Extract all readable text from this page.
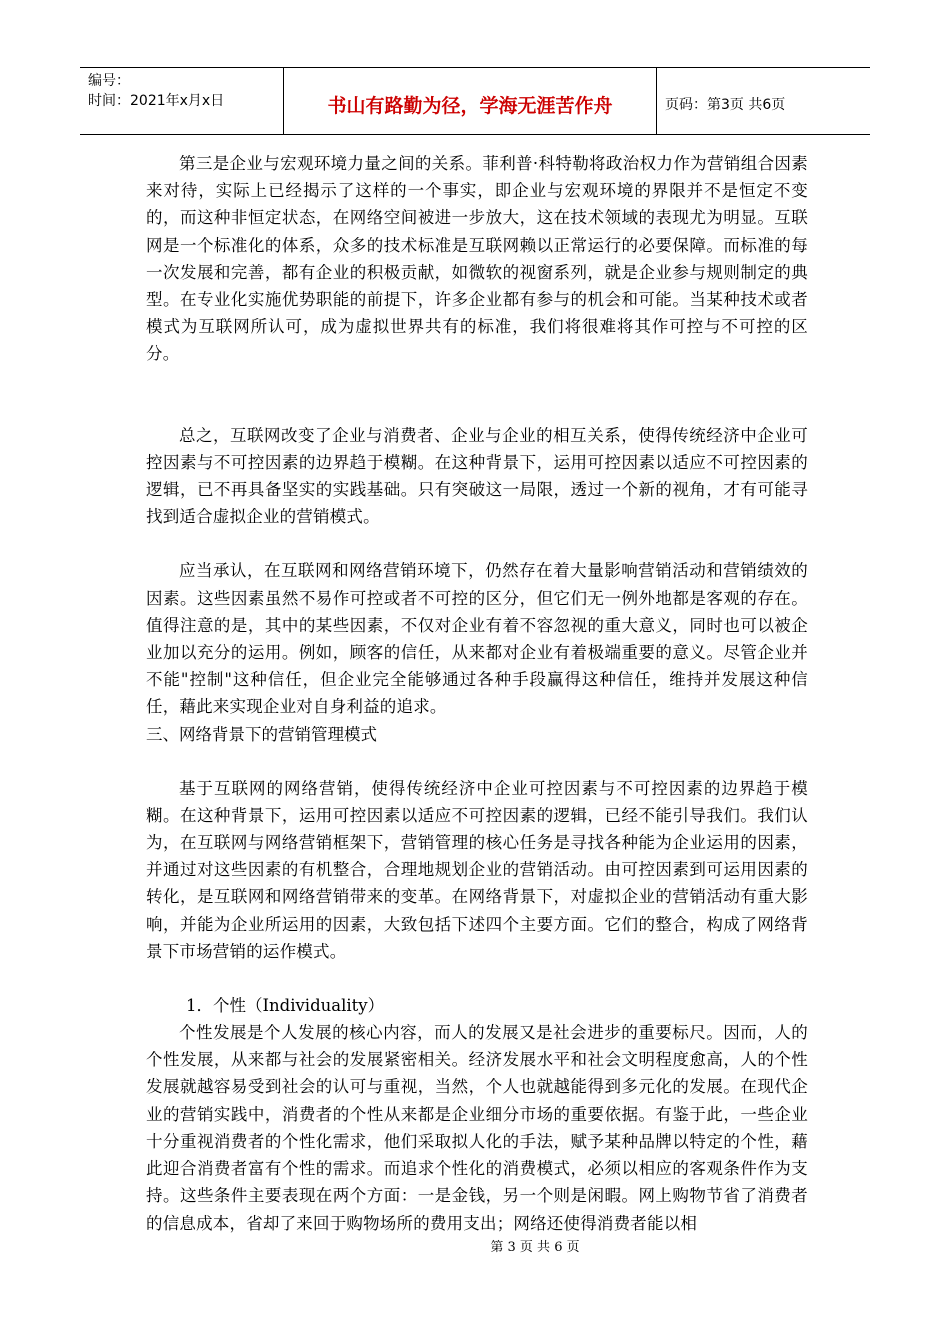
编号：
时间：2021年x月x日	书山有路勤为径，学海无涯苦作舟	页码：第3页 共6页

第三是企业与宏观环境力量之间的关系。菲利普·科特勒将政治权力作为营销组合因素来对待，实际上已经揭示了这样的一个事实，即企业与宏观环境的界限并不是恒定不变的，而这种非恒定状态，在网络空间被进一步放大，这在技术领域的表现尤为明显。互联网是一个标准化的体系，众多的技术标准是互联网赖以正常运行的必要保障。而标准的每一次发展和完善，都有企业的积极贡献，如微软的视窗系列，就是企业参与规则制定的典型。在专业化实施优势职能的前提下，许多企业都有参与的机会和可能。当某种技术或者模式为互联网所认可，成为虚拟世界共有的标准，我们将很难将其作可控与不可控的区分。

总之，互联网改变了企业与消费者、企业与企业的相互关系，使得传统经济中企业可控因素与不可控因素的边界趋于模糊。在这种背景下，运用可控因素以适应不可控因素的逻辑，已不再具备坚实的实践基础。只有突破这一局限，透过一个新的视角，才有可能寻找到适合虚拟企业的营销模式。

应当承认，在互联网和网络营销环境下，仍然存在着大量影响营销活动和营销绩效的因素。这些因素虽然不易作可控或者不可控的区分，但它们无一例外地都是客观的存在。值得注意的是，其中的某些因素，不仅对企业有着不容忽视的重大意义，同时也可以被企业加以充分的运用。例如，顾客的信任，从来都对企业有着极端重要的意义。尽管企业并不能"控制"这种信任，但企业完全能够通过各种手段赢得这种信任，维持并发展这种信任，藉此来实现企业对自身利益的追求。

三、网络背景下的营销管理模式

基于互联网的网络营销，使得传统经济中企业可控因素与不可控因素的边界趋于模糊。在这种背景下，运用可控因素以适应不可控因素的逻辑，已经不能引导我们。我们认为，在互联网与网络营销框架下，营销管理的核心任务是寻找各种能为企业运用的因素，并通过对这些因素的有机整合，合理地规划企业的营销活动。由可控因素到可运用因素的转化，是互联网和网络营销带来的变革。在网络背景下，对虚拟企业的营销活动有重大影响，并能为企业所运用的因素，大致包括下述四个主要方面。它们的整合，构成了网络背景下市场营销的运作模式。

1．个性（Individuality）

个性发展是个人发展的核心内容，而人的发展又是社会进步的重要标尺。因而，人的个性发展，从来都与社会的发展紧密相关。经济发展水平和社会文明程度愈高，人的个性发展就越容易受到社会的认可与重视，当然，个人也就越能得到多元化的发展。在现代企业的营销实践中，消费者的个性从来都是企业细分市场的重要依据。有鉴于此，一些企业十分重视消费者的个性化需求，他们采取拟人化的手法，赋予某种品牌以特定的个性，藉此迎合消费者富有个性的需求。而追求个性化的消费模式，必须以相应的客观条件作为支持。这些条件主要表现在两个方面：一是金钱，另一个则是闲暇。网上购物节省了消费者的信息成本，省却了来回于购物场所的费用支出；网络还使得消费者能以相

第 3 页 共 6 页
